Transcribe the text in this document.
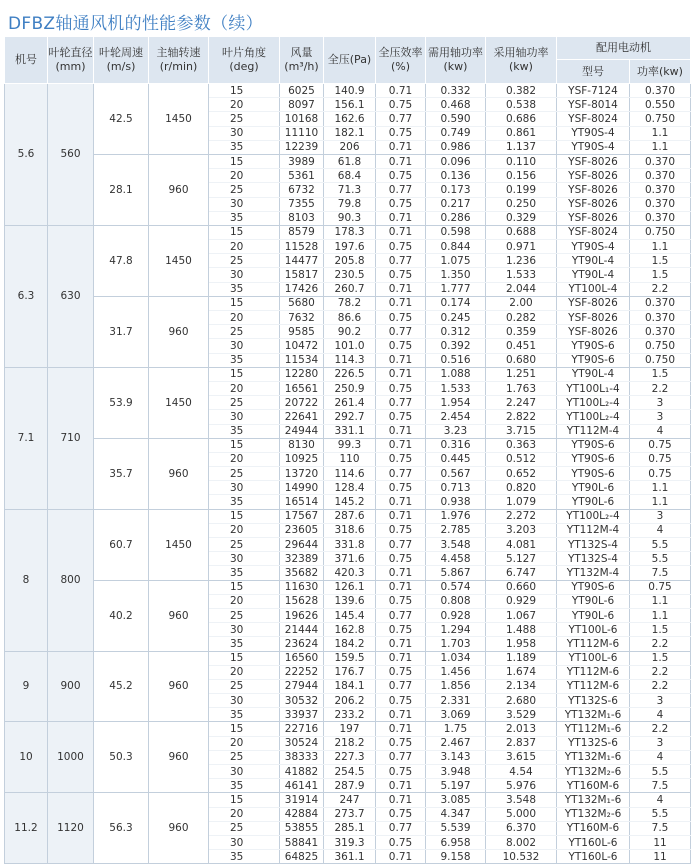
DFBZ轴通风机的性能参数（续）
机号	叶轮直径(mm)	叶轮周速(m/s)	主轴转速(r/min)	叶片角度(deg)	风量(m³/h)	全压(Pa)	全压效率(%)	需用轴功率(kw)	采用轴功率(kw)	配用电动机	
										型号	功率(kw)
5.6	560	42.5	1450	15	6025	140.9	0.71	0.332	0.382	YSF-7124	0.370
				20	8097	156.1	0.75	0.468	0.538	YSF-8014	0.550
				25	10168	162.6	0.77	0.590	0.686	YSF-8024	0.750
				30	11110	182.1	0.75	0.749	0.861	YT90S-4	1.1
				35	12239	206	0.71	0.986	1.137	YT90S-4	1.1
		28.1	960	15	3989	61.8	0.71	0.096	0.110	YSF-8026	0.370
				20	5361	68.4	0.75	0.136	0.156	YSF-8026	0.370
				25	6732	71.3	0.77	0.173	0.199	YSF-8026	0.370
				30	7355	79.8	0.75	0.217	0.250	YSF-8026	0.370
				35	8103	90.3	0.71	0.286	0.329	YSF-8026	0.370
6.3	630	47.8	1450	15	8579	178.3	0.71	0.598	0.688	YSF-8024	0.750
				20	11528	197.6	0.75	0.844	0.971	YT90S-4	1.1
				25	14477	205.8	0.77	1.075	1.236	YT90L-4	1.5
				30	15817	230.5	0.75	1.350	1.533	YT90L-4	1.5
				35	17426	260.7	0.71	1.777	2.044	YT100L-4	2.2
		31.7	960	15	5680	78.2	0.71	0.174	2.00	YSF-8026	0.370
				20	7632	86.6	0.75	0.245	0.282	YSF-8026	0.370
				25	9585	90.2	0.77	0.312	0.359	YSF-8026	0.370
				30	10472	101.0	0.75	0.392	0.451	YT90S-6	0.750
				35	11534	114.3	0.71	0.516	0.680	YT90S-6	0.750
7.1	710	53.9	1450	15	12280	226.5	0.71	1.088	1.251	YT90L-4	1.5
				20	16561	250.9	0.75	1.533	1.763	YT100L₁-4	2.2
				25	20722	261.4	0.77	1.954	2.247	YT100L₂-4	3
				30	22641	292.7	0.75	2.454	2.822	YT100L₂-4	3
				35	24944	331.1	0.71	3.23	3.715	YT112M-4	4
		35.7	960	15	8130	99.3	0.71	0.316	0.363	YT90S-6	0.75
				20	10925	110	0.75	0.445	0.512	YT90S-6	0.75
				25	13720	114.6	0.77	0.567	0.652	YT90S-6	0.75
				30	14990	128.4	0.75	0.713	0.820	YT90L-6	1.1
				35	16514	145.2	0.71	0.938	1.079	YT90L-6	1.1
8	800	60.7	1450	15	17567	287.6	0.71	1.976	2.272	YT100L₂-4	3
				20	23605	318.6	0.75	2.785	3.203	YT112M-4	4
				25	29644	331.8	0.77	3.548	4.081	YT132S-4	5.5
				30	32389	371.6	0.75	4.458	5.127	YT132S-4	5.5
				35	35682	420.3	0.71	5.867	6.747	YT132M-4	7.5
		40.2	960	15	11630	126.1	0.71	0.574	0.660	YT90S-6	0.75
				20	15628	139.6	0.75	0.808	0.929	YT90L-6	1.1
				25	19626	145.4	0.77	0.928	1.067	YT90L-6	1.1
				30	21444	162.8	0.75	1.294	1.488	YT100L-6	1.5
				35	23624	184.2	0.71	1.703	1.958	YT112M-6	2.2
9	900	45.2	960	15	16560	159.5	0.71	1.034	1.189	YT100L-6	1.5
				20	22252	176.7	0.75	1.456	1.674	YT112M-6	2.2
				25	27944	184.1	0.77	1.856	2.134	YT112M-6	2.2
				30	30532	206.2	0.75	2.331	2.680	YT132S-6	3
				35	33937	233.2	0.71	3.069	3.529	YT132M₁-6	4
10	1000	50.3	960	15	22716	197	0.71	1.75	2.013	YT112M₁-6	2.2
				20	30524	218.2	0.75	2.467	2.837	YT132S-6	3
				25	38333	227.3	0.77	3.143	3.615	YT132M₁-6	4
				30	41882	254.5	0.75	3.948	4.54	YT132M₂-6	5.5
				35	46141	287.9	0.71	5.197	5.976	YT160M-6	7.5
11.2	1120	56.3	960	15	31914	247	0.71	3.085	3.548	YT132M₁-6	4
				20	42884	273.7	0.75	4.347	5.000	YT132M₂-6	5.5
				25	53855	285.1	0.77	5.539	6.370	YT160M-6	7.5
				30	58841	319.3	0.75	6.958	8.002	YT160L-6	11
				35	64825	361.1	0.71	9.158	10.532	YT160L-6	11
